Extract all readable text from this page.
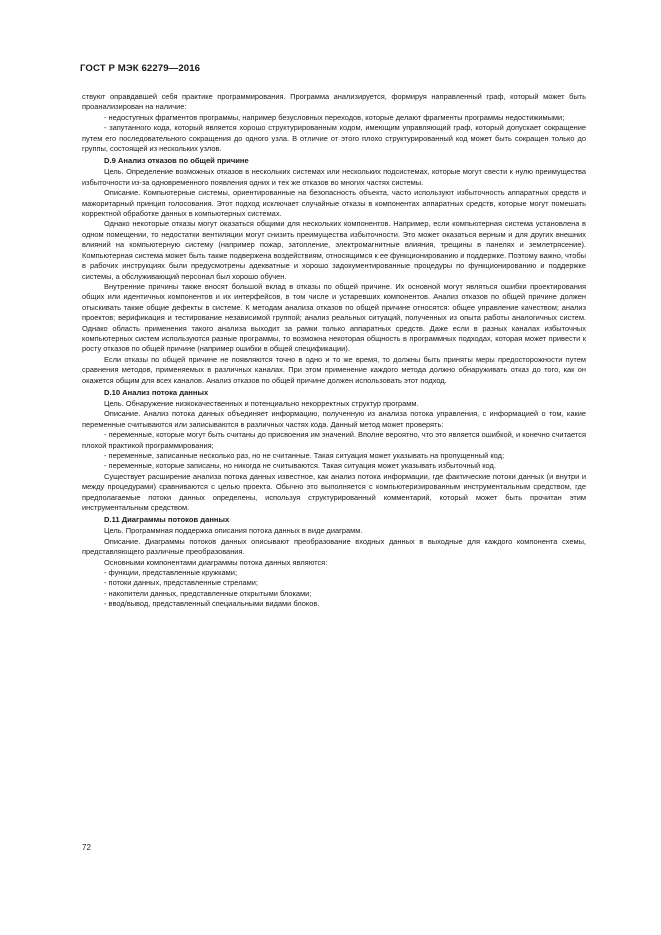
ГОСТ Р МЭК 62279—2016

ствуют оправдавшей себя практике программирования. Программа анализируется, формируя направленный граф, который может быть проанализирован на наличие:

- недоступных фрагментов программы, например безусловных переходов, которые делают фрагменты программы недостижимыми;

- запутанного кода, который является хорошо структурированным кодом, имеющим управляющий граф, который допускает сокращение путем его последовательного сокращения до одного узла. В отличие от этого плохо структурированный код может быть сокращен только до группы, состоящей из нескольких узлов.

D.9 Анализ отказов по общей причине

Цель. Определение возможных отказов в нескольких системах или нескольких подсистемах, которые могут свести к нулю преимущества избыточности из-за одновременного появления одних и тех же отказов во многих частях системы.

Описание. Компьютерные системы, ориентированные на безопасность объекта, часто используют избыточность аппаратных средств и мажоритарный принцип голосования. Этот подход исключает случайные отказы в компонентах аппаратных средств, которые могут помешать корректной обработке данных в компьютерных системах.

Однако некоторые отказы могут оказаться общими для нескольких компонентов. Например, если компьютерная система установлена в одном помещении, то недостатки вентиляции могут снизить преимущества избыточности. Это может оказаться верным и для других внешних влияний на компьютерную систему (например пожар, затопление, электромагнитные влияния, трещины в панелях и землетрясение). Компьютерная система может быть также подвержена воздействиям, относящимся к ее функционированию и поддержке. Поэтому важно, чтобы в рабочих инструкциях были предусмотрены адекватные и хорошо задокументированные процедуры по функционированию и поддержке системы, а обслуживающий персонал был хорошо обучен.

Внутренние причины также вносят большой вклад в отказы по общей причине. Их основной могут являться ошибки проектирования общих или идентичных компонентов и их интерфейсов, в том числе и устаревших компонентов. Анализ отказов по общей причине должен отыскивать также общие дефекты в системе. К методам анализа отказов по общей причине относятся: общее управление качеством; анализ проектов; верификация и тестирование независимой группой; анализ реальных ситуаций, полученных из опыта работы аналогичных систем. Однако область применения такого анализа выходит за рамки только аппаратных средств. Даже если в разных каналах избыточных компьютерных систем используются разные программы, то возможна некоторая общность в программных подходах, которая может привести к росту отказов по общей причине (например ошибки в общей спецификации).

Если отказы по общей причине не появляются точно в одно и то же время, то должны быть приняты меры предосторожности путем сравнения методов, применяемых в различных каналах. При этом применение каждого метода должно обнаруживать отказ до того, как он окажется общим для всех каналов. Анализ отказов по общей причине должен использовать этот подход.

D.10 Анализ потока данных

Цель. Обнаружение низкокачественных и потенциально некорректных структур программ.

Описание. Анализ потока данных объединяет информацию, полученную из анализа потока управления, с информацией о том, какие переменные считываются или записываются в различных частях кода. Данный метод может проверять:

- переменные, которые могут быть считаны до присвоения им значений. Вполне вероятно, что это является ошибкой, и конечно считается плохой практикой программирования;

- переменные, записанные несколько раз, но не считанные. Такая ситуация может указывать на пропущенный код;

- переменные, которые записаны, но никогда не считываются. Такая ситуация может указывать избыточный код.

Существует расширение анализа потока данных известное, как анализ потока информации, где фактические потоки данных (и внутри и между процедурами) сравниваются с целью проекта. Обычно это выполняется с компьютеризированным инструментальным средством, где предполагаемые потоки данных определены, используя структурированный комментарий, который может быть прочитан этим инструментальным средством.

D.11 Диаграммы потоков данных

Цель. Программная поддержка описания потока данных в виде диаграмм.

Описание. Диаграммы потоков данных описывают преобразование входных данных в выходные для каждого компонента схемы, представляющего различные преобразования.

Основными компонентами диаграммы потока данных являются:

- функции, представленные кружками;

- потоки данных, представленные стрелами;

- накопители данных, представленные открытыми блоками;

- ввод/вывод, представленный специальными видами блоков.

72
